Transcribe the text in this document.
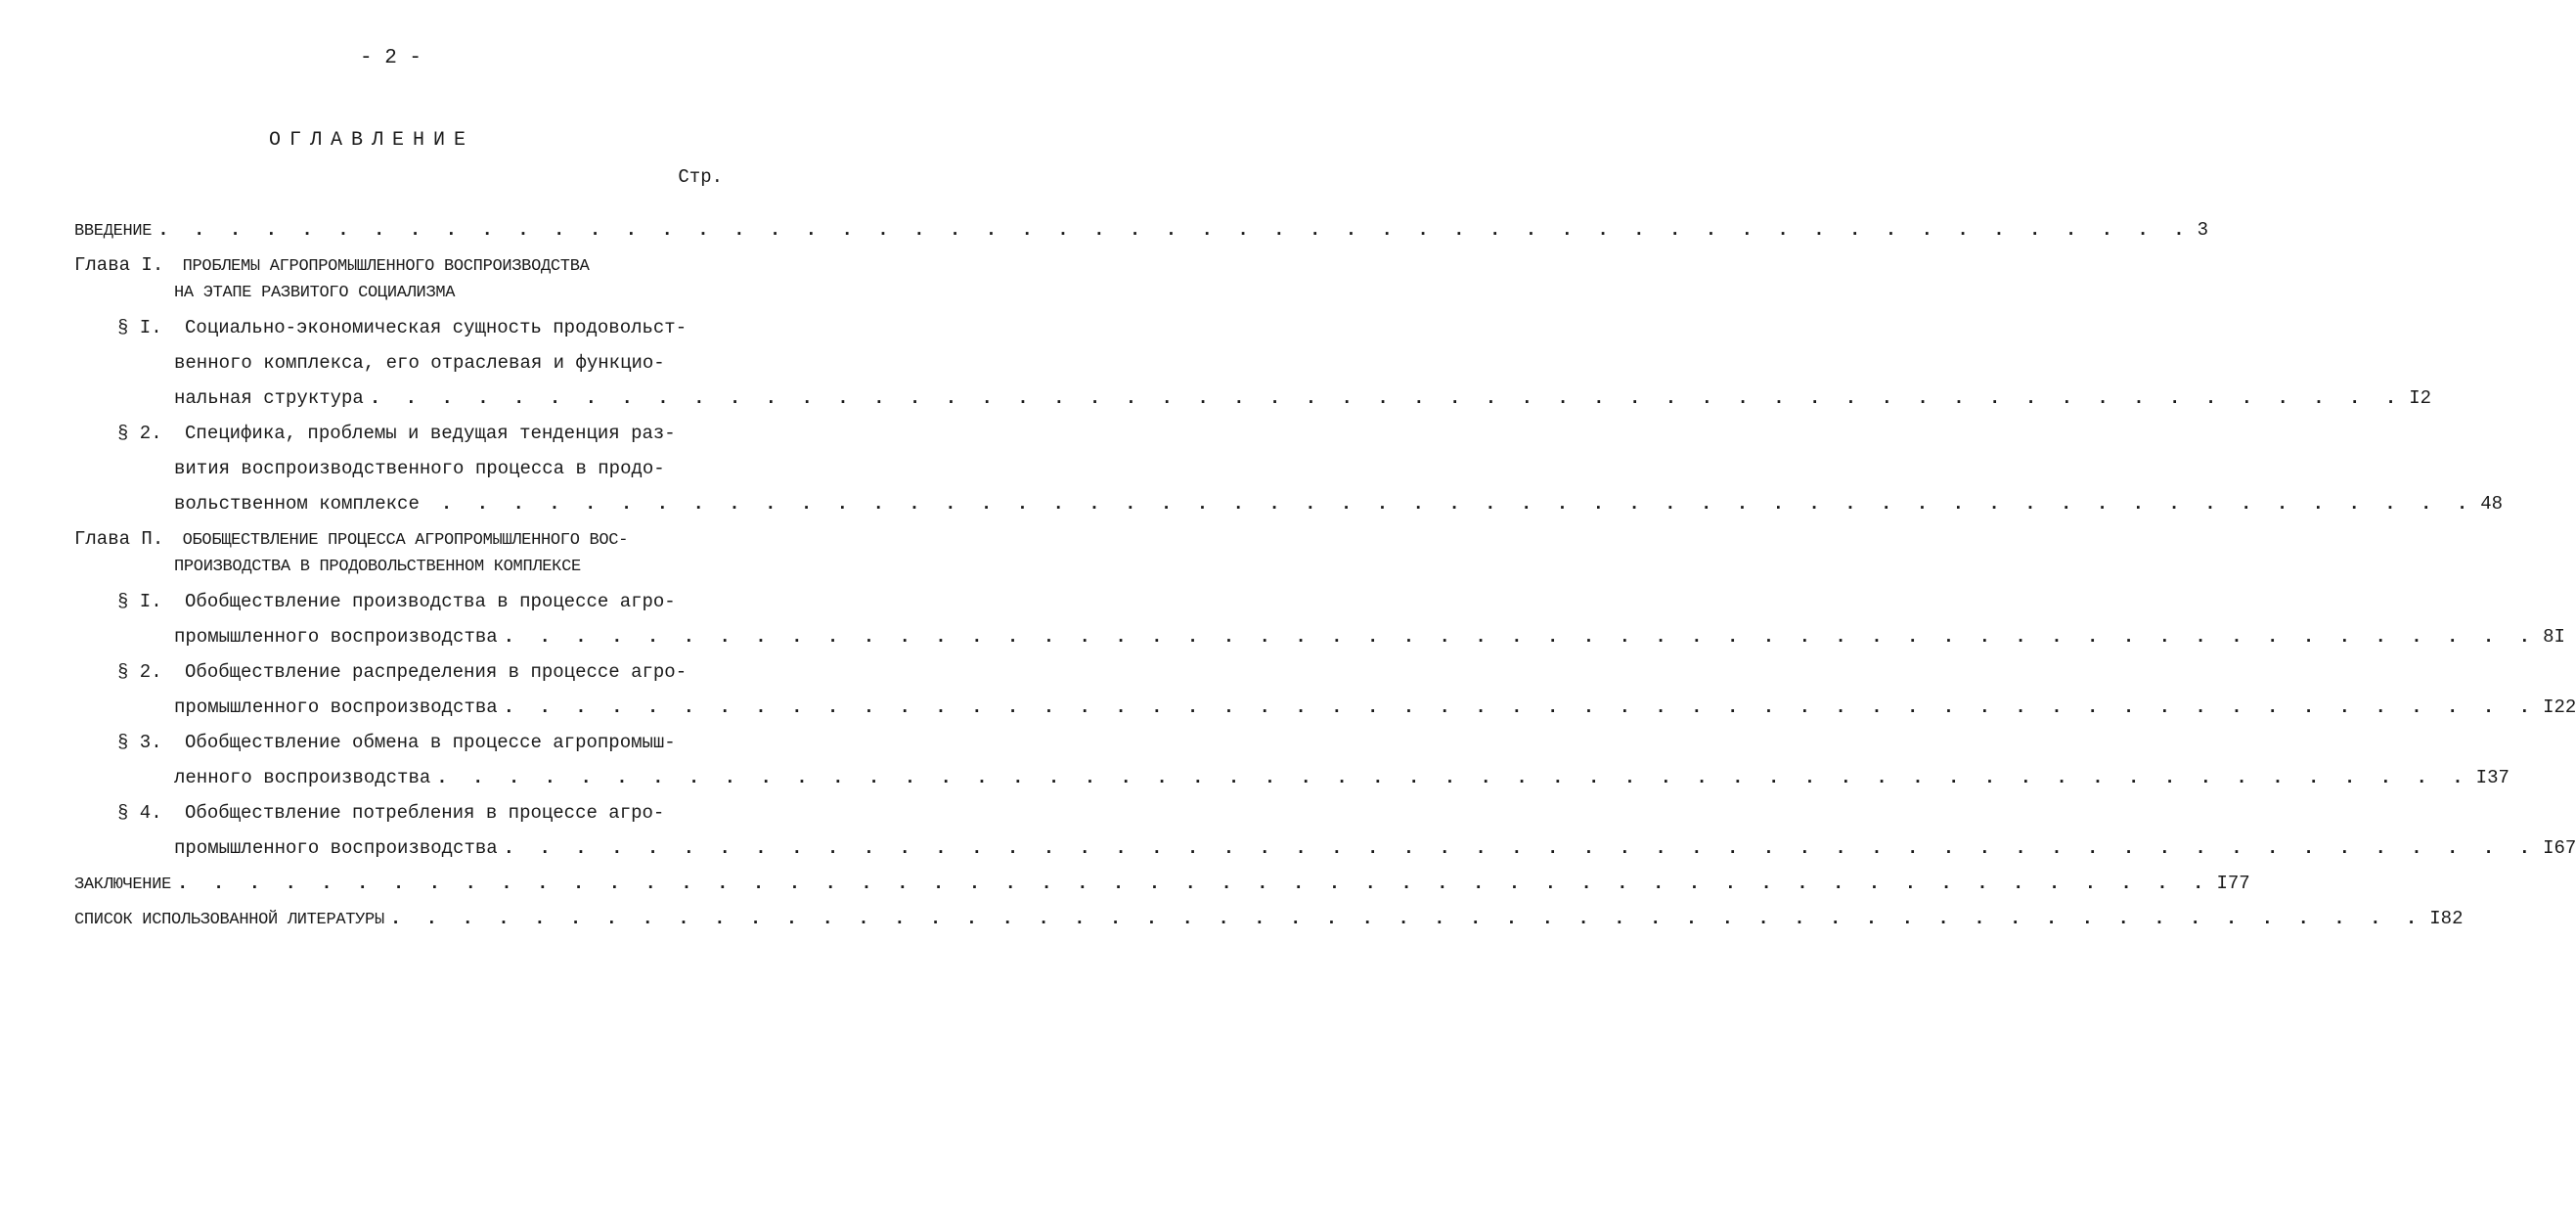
- 2 -
ОГЛАВЛЕНИЕ
Стр.
ВВЕДЕНИЕ . . . . . . . . . . . . . . . . . . . . . . . . . . . . . . . . . . . . . . . . . . . . . . . . . . . . . . . . . 3
Глава I. ПРОБЛЕМЫ АГРОПРОМЫШЛЕННОГО ВОСПРОИЗВОДСТВА
НА ЭТАПЕ РАЗВИТОГО СОЦИАЛИЗМА
§ I. Социально-экономическая сущность продовольст-
венного комплекса, его отраслевая и функцио-
нальная структура . . . . . . . . . . . . . . . . . . . . . . . . . . . . . . . . . . . . . . . . . . . . . . . . . . . . . . . . . I2
§ 2. Специфика, проблемы и ведущая тенденция раз-
вития воспроизводственного процесса в продо-
вольственном комплексе . . . . . . . . . . . . . . . . . . . . . . . . . . . . . . . . . . . . . . . . . . . . . . . . . . . . . . . . . 48
Глава П. ОБОБЩЕСТВЛЕНИЕ ПРОЦЕССА АГРОПРОМЫШЛЕННОГО ВОС-
ПРОИЗВОДСТВА В ПРОДОВОЛЬСТВЕННОМ КОМПЛЕКСЕ
§ I. Обобществление производства в процессе агро-
промышленного воспроизводства . . . . . . . . . . . . . . . . . . . . . . . . . . . . . . . . . . . . . . . . . . . . . . . . . . . . . . . . . 8I
§ 2. Обобществление распределения в процессе агро-
промышленного воспроизводства . . . . . . . . . . . . . . . . . . . . . . . . . . . . . . . . . . . . . . . . . . . . . . . . . . . . . . . . . I22
§ 3. Обобществление обмена в процессе агропромыш-
ленного воспроизводства . . . . . . . . . . . . . . . . . . . . . . . . . . . . . . . . . . . . . . . . . . . . . . . . . . . . . . . . . I37
§ 4. Обобществление потребления в процессе агро-
промышленного воспроизводства . . . . . . . . . . . . . . . . . . . . . . . . . . . . . . . . . . . . . . . . . . . . . . . . . . . . . . . . . I67
ЗАКЛЮЧЕНИЕ . . . . . . . . . . . . . . . . . . . . . . . . . . . . . . . . . . . . . . . . . . . . . . . . . . . . . . . . . I77
СПИСОК ИСПОЛЬЗОВАННОЙ ЛИТЕРАТУРЫ . . . . . . . . . . . . . . . . . . . . . . . . . . . . . . . . . . . . . . . . . . . . . . . . . . . . . . . . . I82
